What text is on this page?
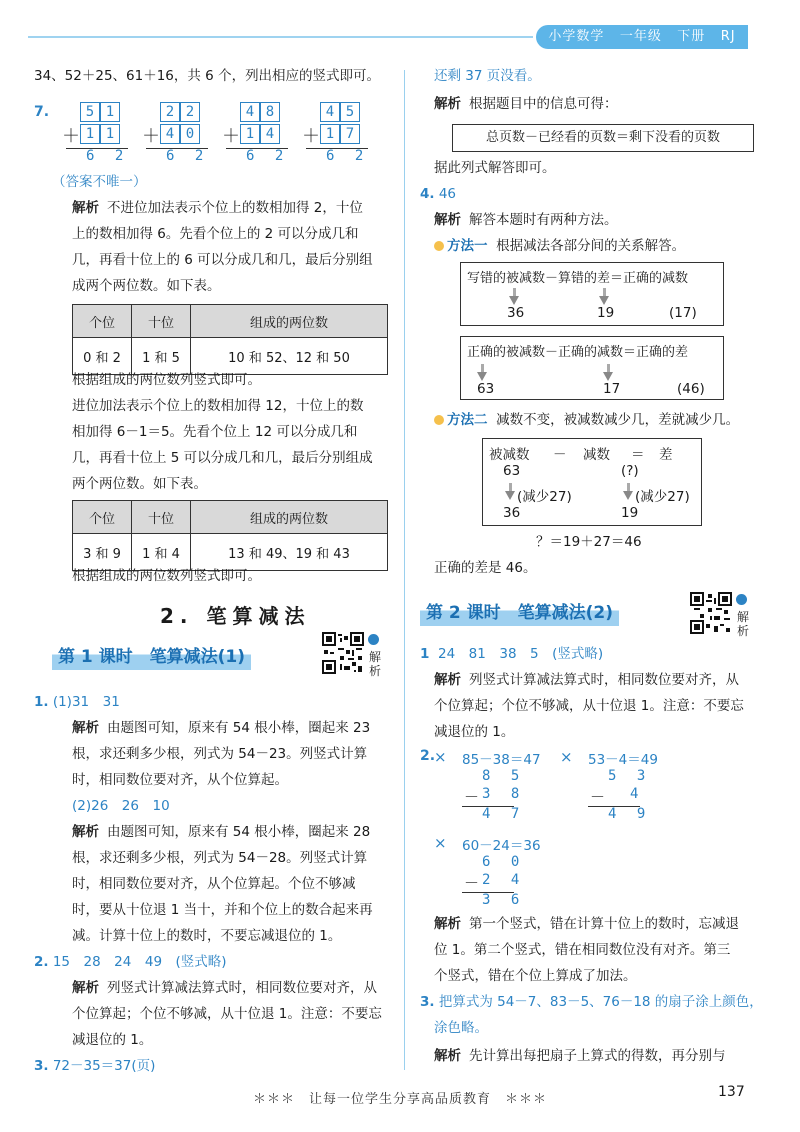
小学数学 一年级 下册 RJ
34、52＋25、61＋16，共 6 个，列出相应的竖式即可。
7.	5 1
＋ 1 1
6 2
2 2
＋ 4 0
6 2
4 8
＋ 1 4
6 2
4 5
＋ 1 7
6 2
（答案不唯一）
解析 不进位加法表示个位上的数相加得 2，十位
上的数相加得 6。先看个位上的 2 可以分成几和
几，再看十位上的 6 可以分成几和几，最后分别组
成两个两位数。如下表。
个位	十位	组成的两位数
0 和 2	1 和 5	10 和 52、12 和 50
根据组成的两位数列竖式即可。
进位加法表示个位上的数相加得 12，十位上的数
相加得 6－1＝5。先看个位上 12 可以分成几和
几，再看十位上 5 可以分成几和几，最后分别组成
两个两位数。如下表。
个位	十位	组成的两位数
3 和 9	1 和 4	13 和 49、19 和 43
根据组成的两位数列竖式即可。
2. 笔算减法
第 1 课时　笔算减法(1)	解
析
1. (1)31　31
解析 由题图可知，原来有 54 根小棒，圈起来 23
根，求还剩多少根，列式为 54－23。列竖式计算
时，相同数位要对齐，从个位算起。
(2)26　26　10
解析 由题图可知，原来有 54 根小棒，圈起来 28
根，求还剩多少根，列式为 54－28。列竖式计算
时，相同数位要对齐，从个位算起。个位不够减
时，要从十位退 1 当十，并和个位上的数合起来再
减。计算十位上的数时，不要忘减退位的 1。
2. 15　28　24　49　(竖式略)
解析 列竖式计算减法算式时，相同数位要对齐，从
个位算起；个位不够减，从十位退 1。注意：不要忘
减退位的 1。
3. 72－35＝37(页)
还剩 37 页没看。
解析 根据题目中的信息可得：
总页数－已经看的页数＝剩下没看的页数
据此列式解答即可。
4. 46
解析 解答本题时有两种方法。
方法一 根据减法各部分间的关系解答。
写错的被减数－算错的差＝正确的减数
36	19	(17)
正确的被减数－正确的减数＝正确的差
63	17	(46)
方法二 减数不变，被减数减少几，差就减少几。
被减数 － 减数 ＝ 差
63	(?)
(减少27)	(减少27)
36	19
？＝19＋27＝46
正确的差是 46。
第 2 课时　笔算减法(2)	解
析
1 24　81　38　5　(竖式略)
解析 列竖式计算减法算式时，相同数位要对齐，从
个位算起；个位不够减，从十位退 1。注意：不要忘
减退位的 1。
2.
× 85－38＝47
8 5
－ 3 8
4 7
× 53－4＝49
5 3
－ 4
4 9
× 60－24＝36
6 0
－ 2 4
3 6
解析 第一个竖式，错在计算十位上的数时，忘减退
位 1。第二个竖式，错在相同数位没有对齐。第三
个竖式，错在个位上算成了加法。
3. 把算式为 54－7、83－5、76－18 的扇子涂上颜色，
涂色略。
解析 先计算出每把扇子上算式的得数，再分别与
＊＊＊　让每一位学生分享高品质教育　＊＊＊	137
